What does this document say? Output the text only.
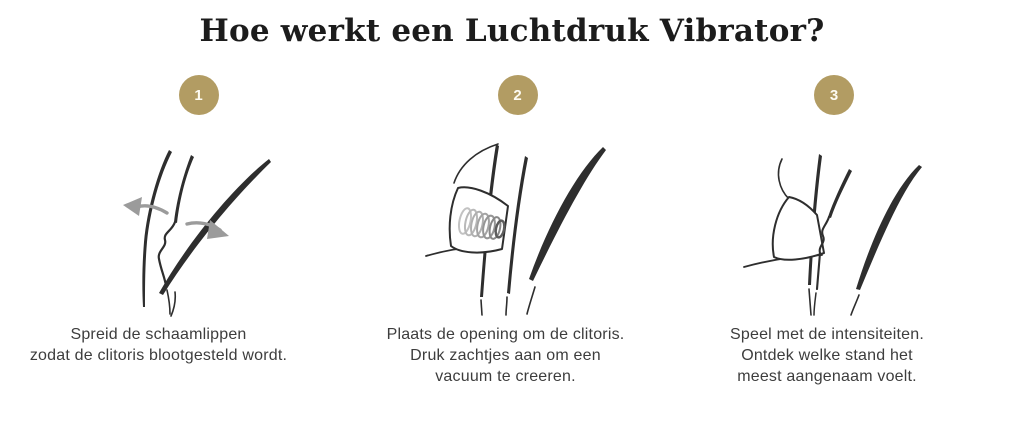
Hoe werkt een Luchtdruk Vibrator?
1
Spreid de schaamlippen
zodat de clitoris blootgesteld wordt.
2
Plaats de opening om de clitoris.
Druk zachtjes aan om een
vacuum te creeren.
3
Speel met de intensiteiten.
Ontdek welke stand het
meest aangenaam voelt.
